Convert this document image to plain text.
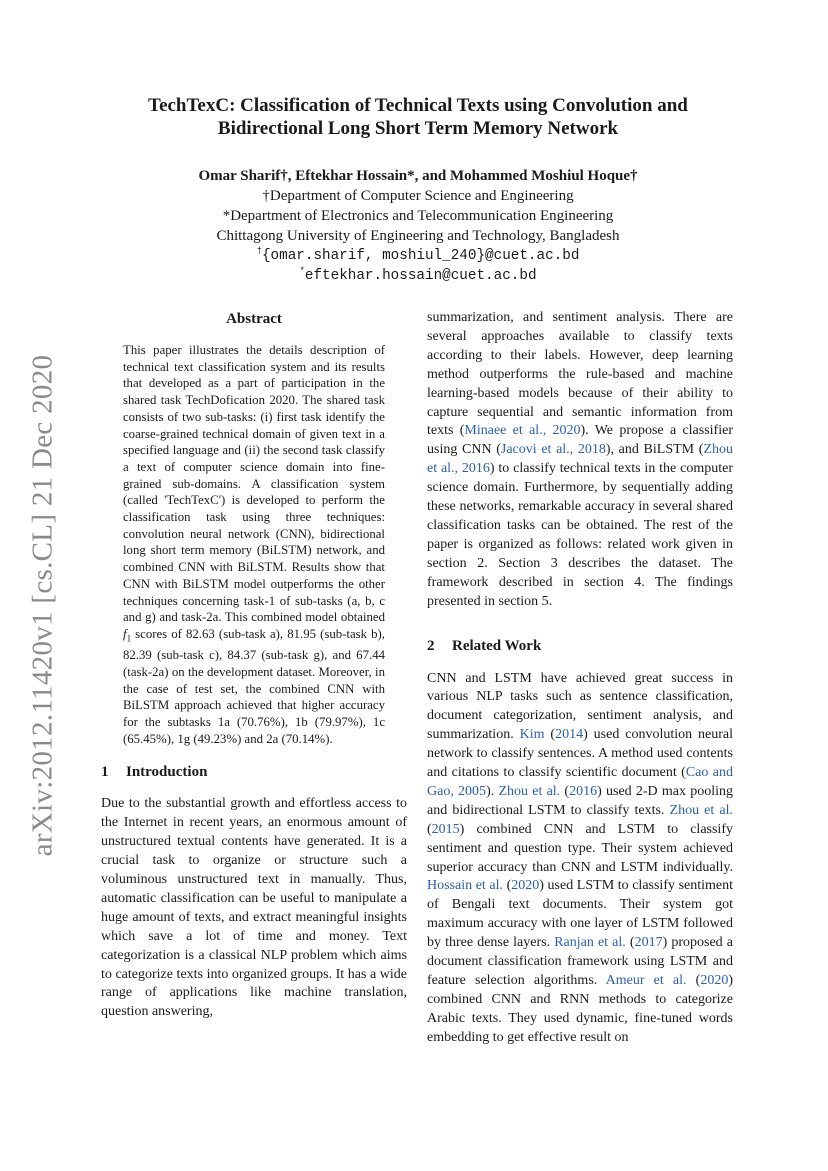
arXiv:2012.11420v1 [cs.CL] 21 Dec 2020
TechTexC: Classification of Technical Texts using Convolution and
Bidirectional Long Short Term Memory Network
Omar Sharif†, Eftekhar Hossain*, and Mohammed Moshiul Hoque†
†Department of Computer Science and Engineering
*Department of Electronics and Telecommunication Engineering
Chittagong University of Engineering and Technology, Bangladesh
†{omar.sharif, moshiul_240}@cuet.ac.bd
*eftekhar.hossain@cuet.ac.bd
Abstract

This paper illustrates the details description of technical text classification system and its results that developed as a part of participation in the shared task TechDofication 2020. The shared task consists of two sub-tasks: (i) first task identify the coarse-grained technical domain of given text in a specified language and (ii) the second task classify a text of computer science domain into fine-grained sub-domains. A classification system (called 'TechTexC') is developed to perform the classification task using three techniques: convolution neural network (CNN), bidirectional long short term memory (BiLSTM) network, and combined CNN with BiLSTM. Results show that CNN with BiLSTM model outperforms the other techniques concerning task-1 of sub-tasks (a, b, c and g) and task-2a. This combined model obtained $f_1$ scores of 82.63 (sub-task a), 81.95 (sub-task b), 82.39 (sub-task c), 84.37 (sub-task g), and 67.44 (task-2a) on the development dataset. Moreover, in the case of test set, the combined CNN with BiLSTM approach achieved that higher accuracy for the subtasks 1a (70.76%), 1b (79.97%), 1c (65.45%), 1g (49.23%) and 2a (70.14%).

1 Introduction

Due to the substantial growth and effortless access to the Internet in recent years, an enormous amount of unstructured textual contents have generated. It is a crucial task to organize or structure such a voluminous unstructured text in manually. Thus, automatic classification can be useful to manipulate a huge amount of texts, and extract meaningful insights which save a lot of time and money. Text categorization is a classical NLP problem which aims to categorize texts into organized groups. It has a wide range of applications like machine translation, question answering,

summarization, and sentiment analysis. There are several approaches available to classify texts according to their labels. However, deep learning method outperforms the rule-based and machine learning-based models because of their ability to capture sequential and semantic information from texts (Minaee et al., 2020). We propose a classifier using CNN (Jacovi et al., 2018), and BiLSTM (Zhou et al., 2016) to classify technical texts in the computer science domain. Furthermore, by sequentially adding these networks, remarkable accuracy in several shared classification tasks can be obtained. The rest of the paper is organized as follows: related work given in section 2. Section 3 describes the dataset. The framework described in section 4. The findings presented in section 5.

2 Related Work

CNN and LSTM have achieved great success in various NLP tasks such as sentence classification, document categorization, sentiment analysis, and summarization. Kim (2014) used convolution neural network to classify sentences. A method used contents and citations to classify scientific document (Cao and Gao, 2005). Zhou et al. (2016) used 2-D max pooling and bidirectional LSTM to classify texts. Zhou et al. (2015) combined CNN and LSTM to classify sentiment and question type. Their system achieved superior accuracy than CNN and LSTM individually. Hossain et al. (2020) used LSTM to classify sentiment of Bengali text documents. Their system got maximum accuracy with one layer of LSTM followed by three dense layers. Ranjan et al. (2017) proposed a document classification framework using LSTM and feature selection algorithms. Ameur et al. (2020) combined CNN and RNN methods to categorize Arabic texts. They used dynamic, fine-tuned words embedding to get effective result on
